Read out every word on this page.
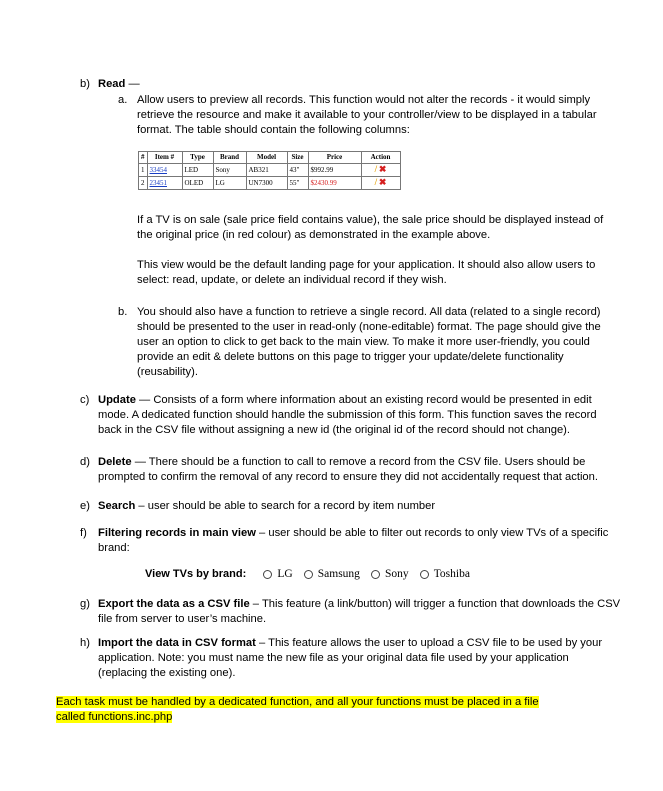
b) Read —
a. Allow users to preview all records. This function would not alter the records - it would simply
retrieve the resource and make it available to your controller/view to be displayed in a tabular
format. The table should contain the following columns:
#	Item #	Type	Brand	Model	Size	Price	Action
1	33454	LED	Sony	AB321	43"	$992.99	/ ✖
2	23451	OLED	LG	UN7300	55"	$2430.99	/ ✖
If a TV is on sale (sale price field contains value), the sale price should be displayed instead of
the original price (in red colour) as demonstrated in the example above.
This view would be the default landing page for your application. It should also allow users to
select: read, update, or delete an individual record if they wish.
b. You should also have a function to retrieve a single record. All data (related to a single record)
should be presented to the user in read-only (none-editable) format. The page should give the
user an option to click to get back to the main view. To make it more user-friendly, you could
provide an edit & delete buttons on this page to trigger your update/delete functionality
(reusability).
c) Update — Consists of a form where information about an existing record would be presented in edit
mode. A dedicated function should handle the submission of this form. This function saves the record
back in the CSV file without assigning a new id (the original id of the record should not change).
d) Delete — There should be a function to call to remove a record from the CSV file. Users should be
prompted to confirm the removal of any record to ensure they did not accidentally request that action.
e) Search – user should be able to search for a record by item number
f) Filtering records in main view – user should be able to filter out records to only view TVs of a specific
brand:
View TVs by brand:	LG Samsung Sony Toshiba
g) Export the data as a CSV file – This feature (a link/button) will trigger a function that downloads the CSV
file from server to user’s machine.
h) Import the data in CSV format – This feature allows the user to upload a CSV file to be used by your
application. Note: you must name the new file as your original data file used by your application
(replacing the existing one).
Each task must be handled by a dedicated function, and all your functions must be placed in a file
called functions.inc.php
